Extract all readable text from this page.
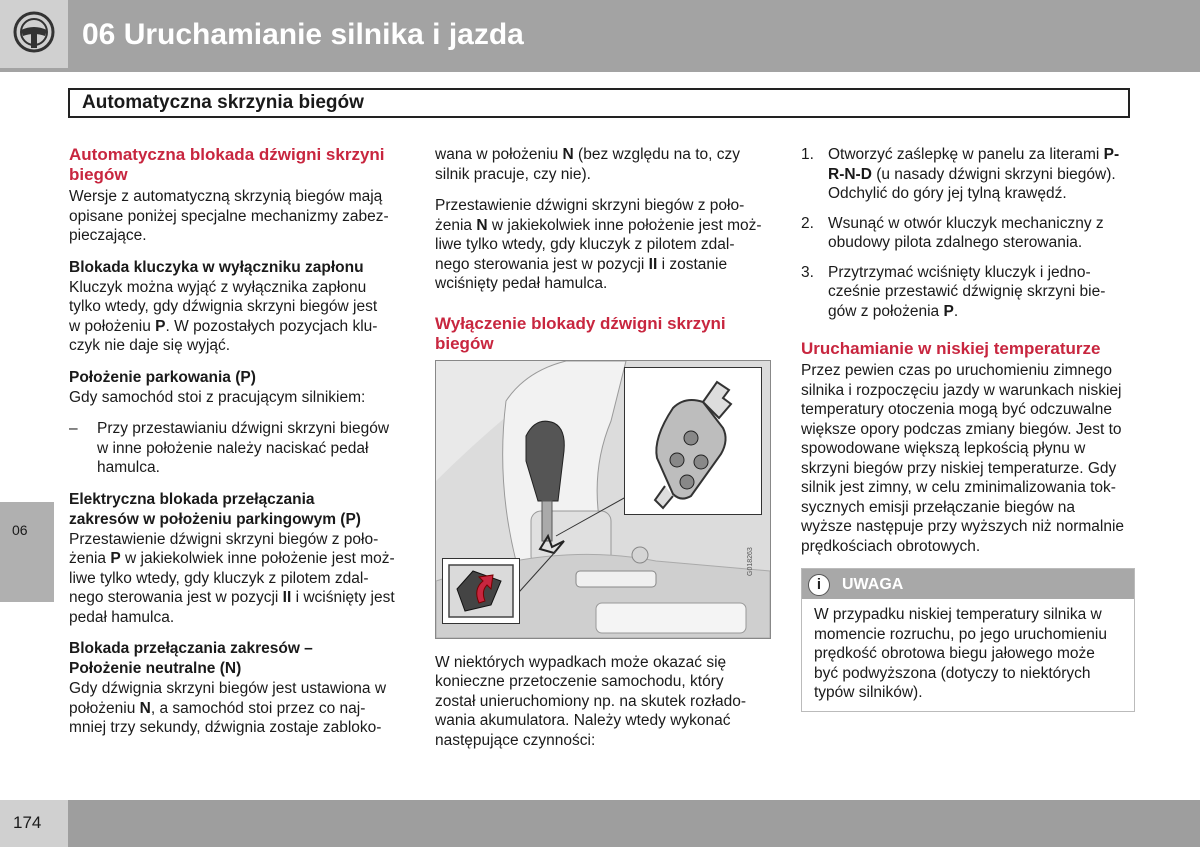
06 Uruchamianie silnika i jazda
Automatyczna skrzynia biegów
06
Automatyczna blokada dźwigni skrzyni biegów

Wersje z automatyczną skrzynią biegów mają
opisane poniżej specjalne mechanizmy zabez-
pieczające.

Blokada kluczyka w wyłączniku zapłonu

Kluczyk można wyjąć z wyłącznika zapłonu
tylko wtedy, gdy dźwignia skrzyni biegów jest
w położeniu P. W pozostałych pozycjach klu-
czyk nie daje się wyjąć.

Położenie parkowania (P)

Gdy samochód stoi z pracującym silnikiem:

–	Przy przestawianiu dźwigni skrzyni biegów
w inne położenie należy naciskać pedał
hamulca.
Elektryczna blokada przełączania
zakresów w położeniu parkingowym (P)

Przestawienie dźwigni skrzyni biegów z poło-
żenia P w jakiekolwiek inne położenie jest moż-
liwe tylko wtedy, gdy kluczyk z pilotem zdal-
nego sterowania jest w pozycji II i wciśnięty jest
pedał hamulca.

Blokada przełączania zakresów –
Położenie neutralne (N)

Gdy dźwignia skrzyni biegów jest ustawiona w
położeniu N, a samochód stoi przez co naj-
mniej trzy sekundy, dźwignia zostaje zabloko-

wana w położeniu N (bez względu na to, czy
silnik pracuje, czy nie).

Przestawienie dźwigni skrzyni biegów z poło-
żenia N w jakiekolwiek inne położenie jest moż-
liwe tylko wtedy, gdy kluczyk z pilotem zdal-
nego sterowania jest w pozycji II i zostanie
wciśnięty pedał hamulca.

Wyłączenie blokady dźwigni skrzyni
biegów
G018263

W niektórych wypadkach może okazać się
konieczne przetoczenie samochodu, który
został unieruchomiony np. na skutek rozłado-
wania akumulatora. Należy wtedy wykonać
następujące czynności:

1. Otworzyć zaślepkę w panelu za literami P-
R-N-D (u nasady dźwigni skrzyni biegów).
Odchylić do góry jej tylną krawędź.
2. Wsunąć w otwór kluczyk mechaniczny z
obudowy pilota zdalnego sterowania.
3. Przytrzymać wciśnięty kluczyk i jedno-
cześnie przestawić dźwignię skrzyni bie-
gów z położenia P.
Uruchamianie w niskiej temperaturze

Przez pewien czas po uruchomieniu zimnego
silnika i rozpoczęciu jazdy w warunkach niskiej
temperatury otoczenia mogą być odczuwalne
większe opory podczas zmiany biegów. Jest to
spowodowane większą lepkością płynu w
skrzyni biegów przy niskiej temperaturze. Gdy
silnik jest zimny, w celu zminimalizowania tok-
sycznych emisji przełączanie biegów na
wyższe następuje przy wyższych niż normalnie
prędkościach obrotowych.

i	UWAGA
W przypadku niskiej temperatury silnika w
momencie rozruchu, po jego uruchomieniu
prędkość obrotowa biegu jałowego może
być podwyższona (dotyczy to niektórych
typów silników).
174
